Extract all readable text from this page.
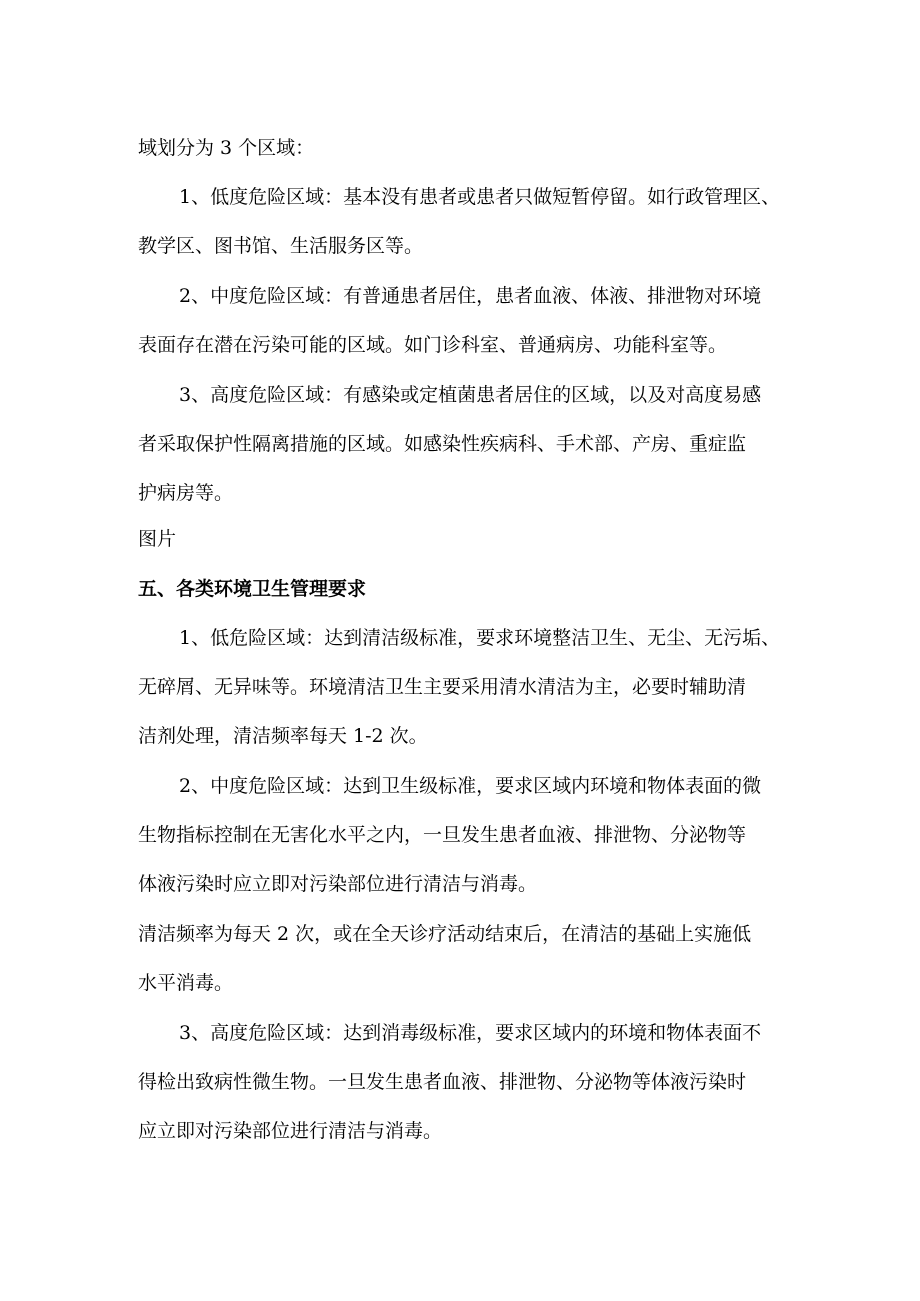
域划分为 3 个区域：
1、低度危险区域：基本没有患者或患者只做短暂停留。如行政管理区、
教学区、图书馆、生活服务区等。
2、中度危险区域：有普通患者居住，患者血液、体液、排泄物对环境
表面存在潜在污染可能的区域。如门诊科室、普通病房、功能科室等。
3、高度危险区域：有感染或定植菌患者居住的区域，以及对高度易感
者采取保护性隔离措施的区域。如感染性疾病科、手术部、产房、重症监
护病房等。
图片
五、各类环境卫生管理要求
1、低危险区域：达到清洁级标准，要求环境整洁卫生、无尘、无污垢、
无碎屑、无异味等。环境清洁卫生主要采用清水清洁为主，必要时辅助清
洁剂处理，清洁频率每天 1-2 次。
2、中度危险区域：达到卫生级标准，要求区域内环境和物体表面的微
生物指标控制在无害化水平之内，一旦发生患者血液、排泄物、分泌物等
体液污染时应立即对污染部位进行清洁与消毒。
清洁频率为每天 2 次，或在全天诊疗活动结束后，在清洁的基础上实施低
水平消毒。
3、高度危险区域：达到消毒级标准，要求区域内的环境和物体表面不
得检出致病性微生物。一旦发生患者血液、排泄物、分泌物等体液污染时
应立即对污染部位进行清洁与消毒。
